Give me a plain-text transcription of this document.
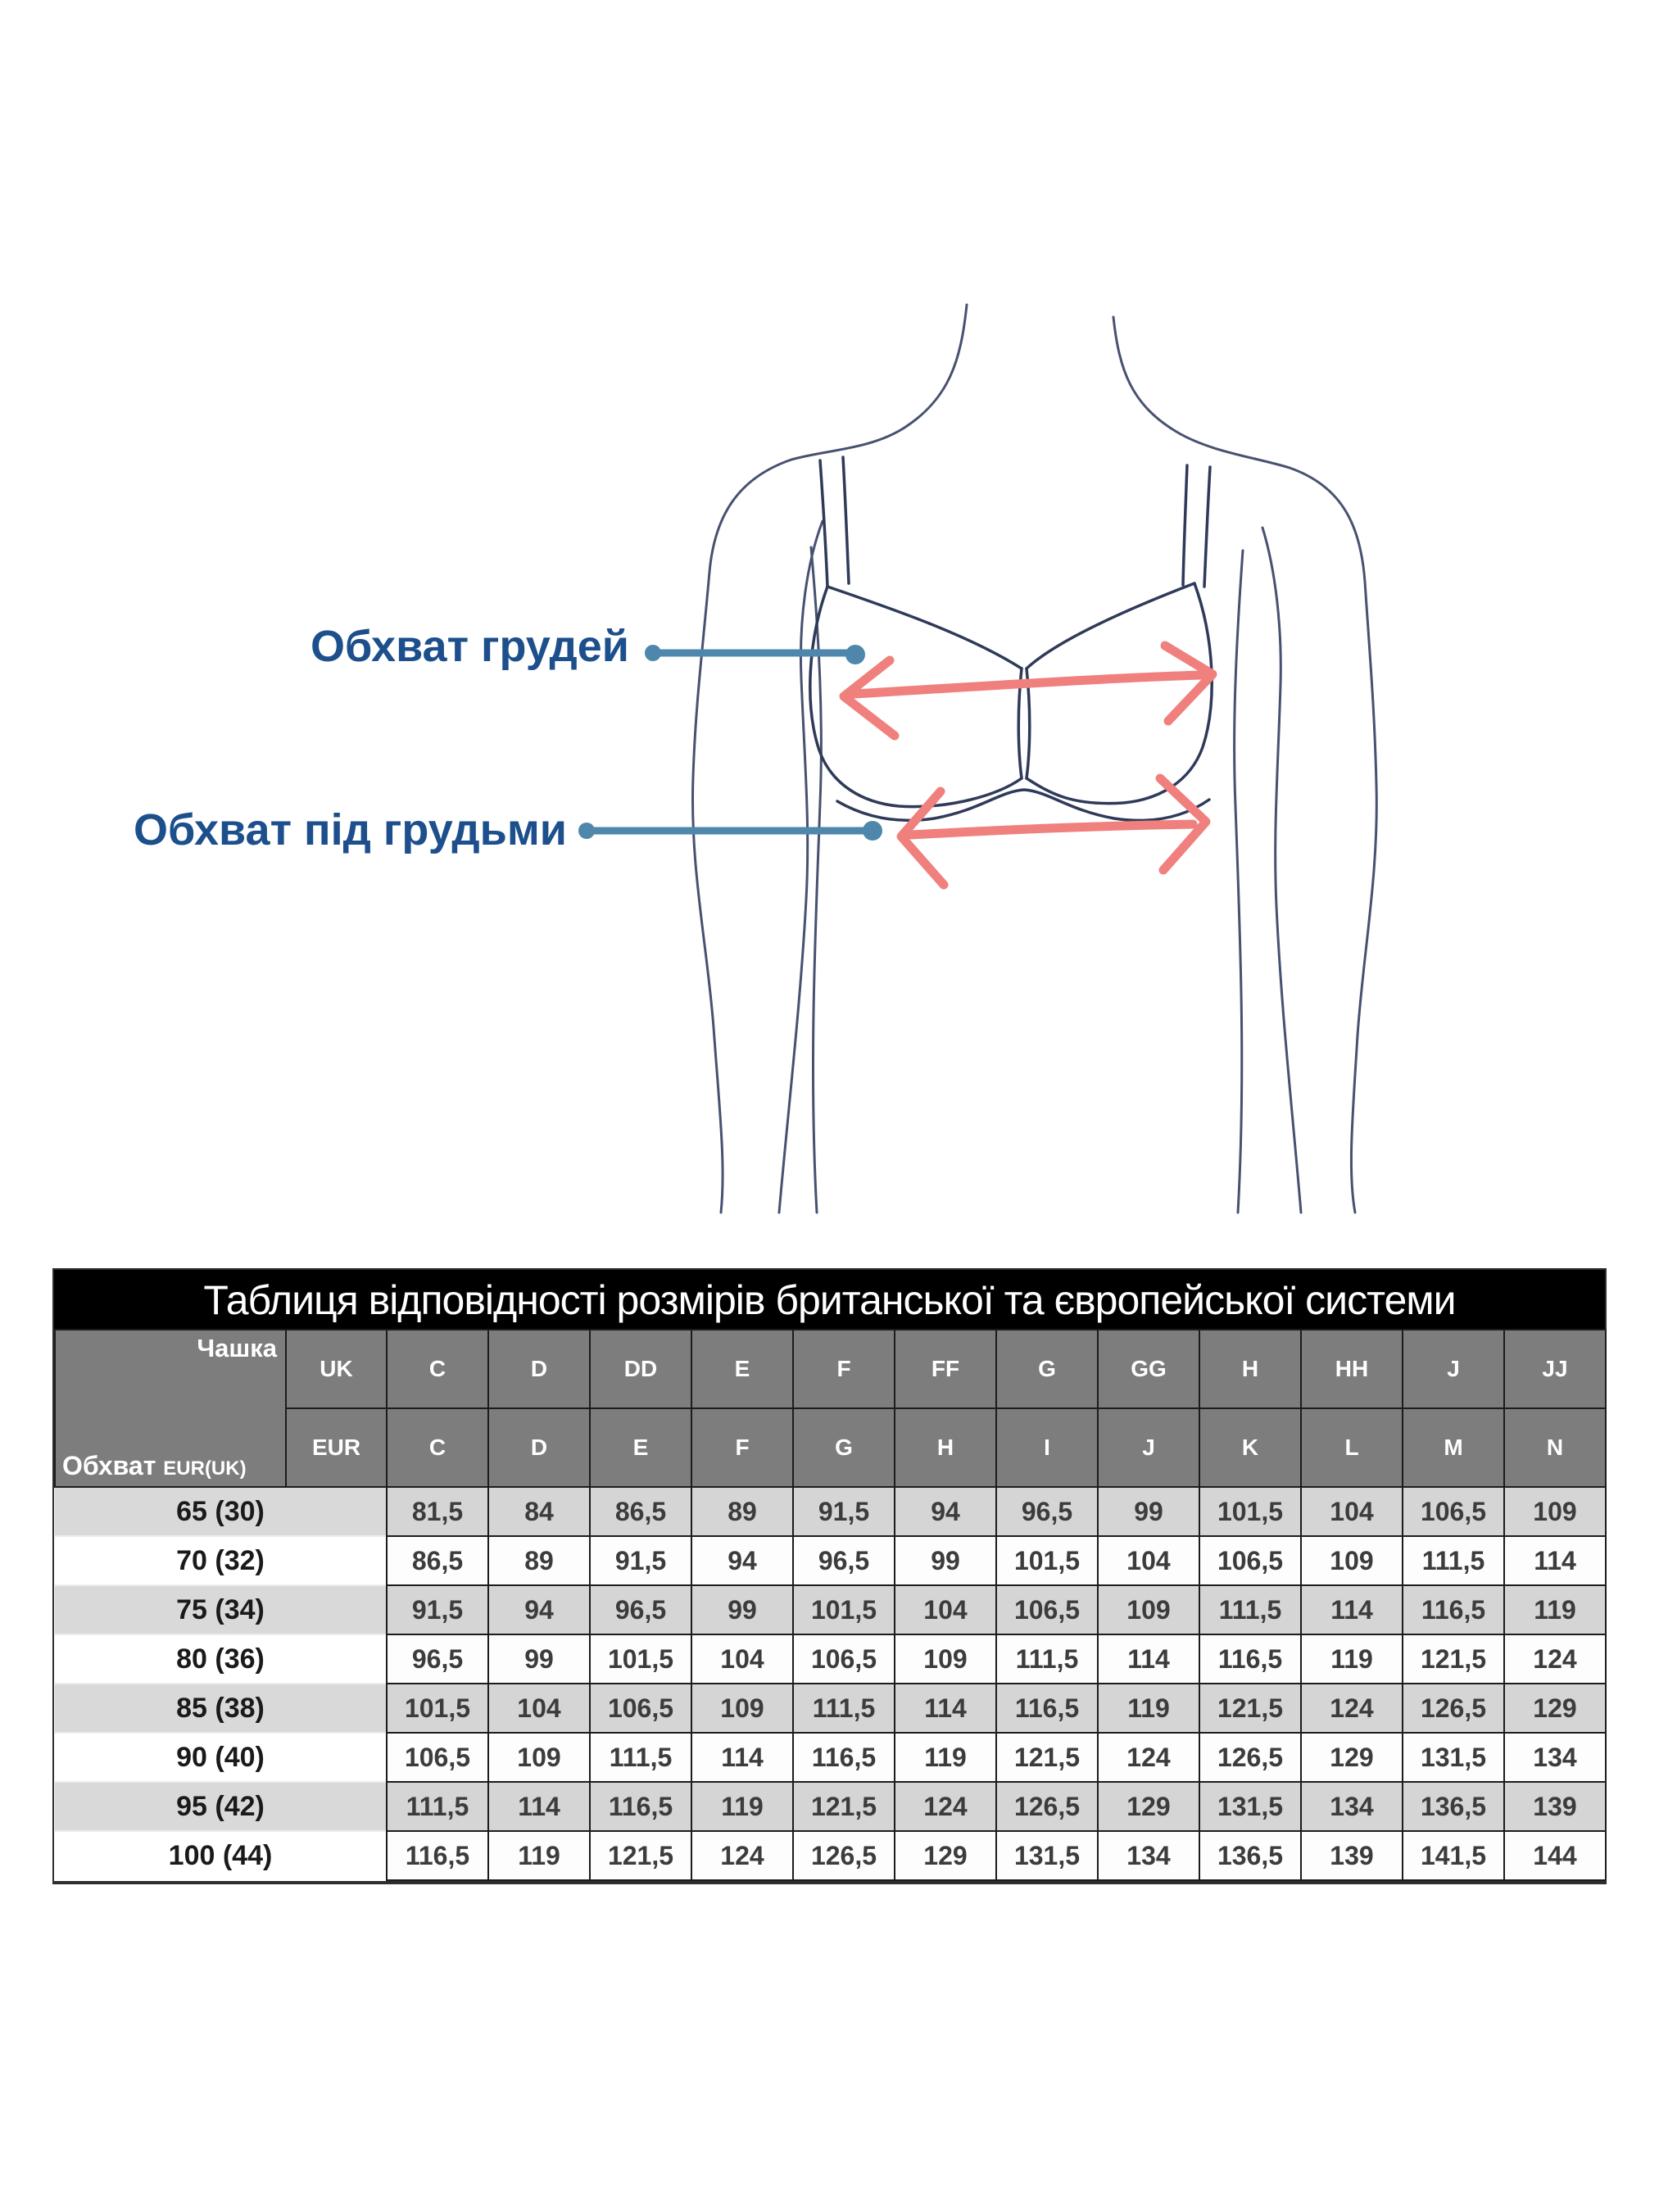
Обхват грудей
Обхват під грудьми
Таблиця відповідності розмірів британської та європейської системи
Чашка
Обхват EUR(UK)	UK	C	D	DD	E	F	FF	G	GG	H	HH	J	JJ
	EUR	C	D	E	F	G	H	I	J	K	L	M	N
65 (30)		81,5	84	86,5	89	91,5	94	96,5	99	101,5	104	106,5	109
70 (32)		86,5	89	91,5	94	96,5	99	101,5	104	106,5	109	111,5	114
75 (34)		91,5	94	96,5	99	101,5	104	106,5	109	111,5	114	116,5	119
80 (36)		96,5	99	101,5	104	106,5	109	111,5	114	116,5	119	121,5	124
85 (38)		101,5	104	106,5	109	111,5	114	116,5	119	121,5	124	126,5	129
90 (40)		106,5	109	111,5	114	116,5	119	121,5	124	126,5	129	131,5	134
95 (42)		111,5	114	116,5	119	121,5	124	126,5	129	131,5	134	136,5	139
100 (44)		116,5	119	121,5	124	126,5	129	131,5	134	136,5	139	141,5	144
